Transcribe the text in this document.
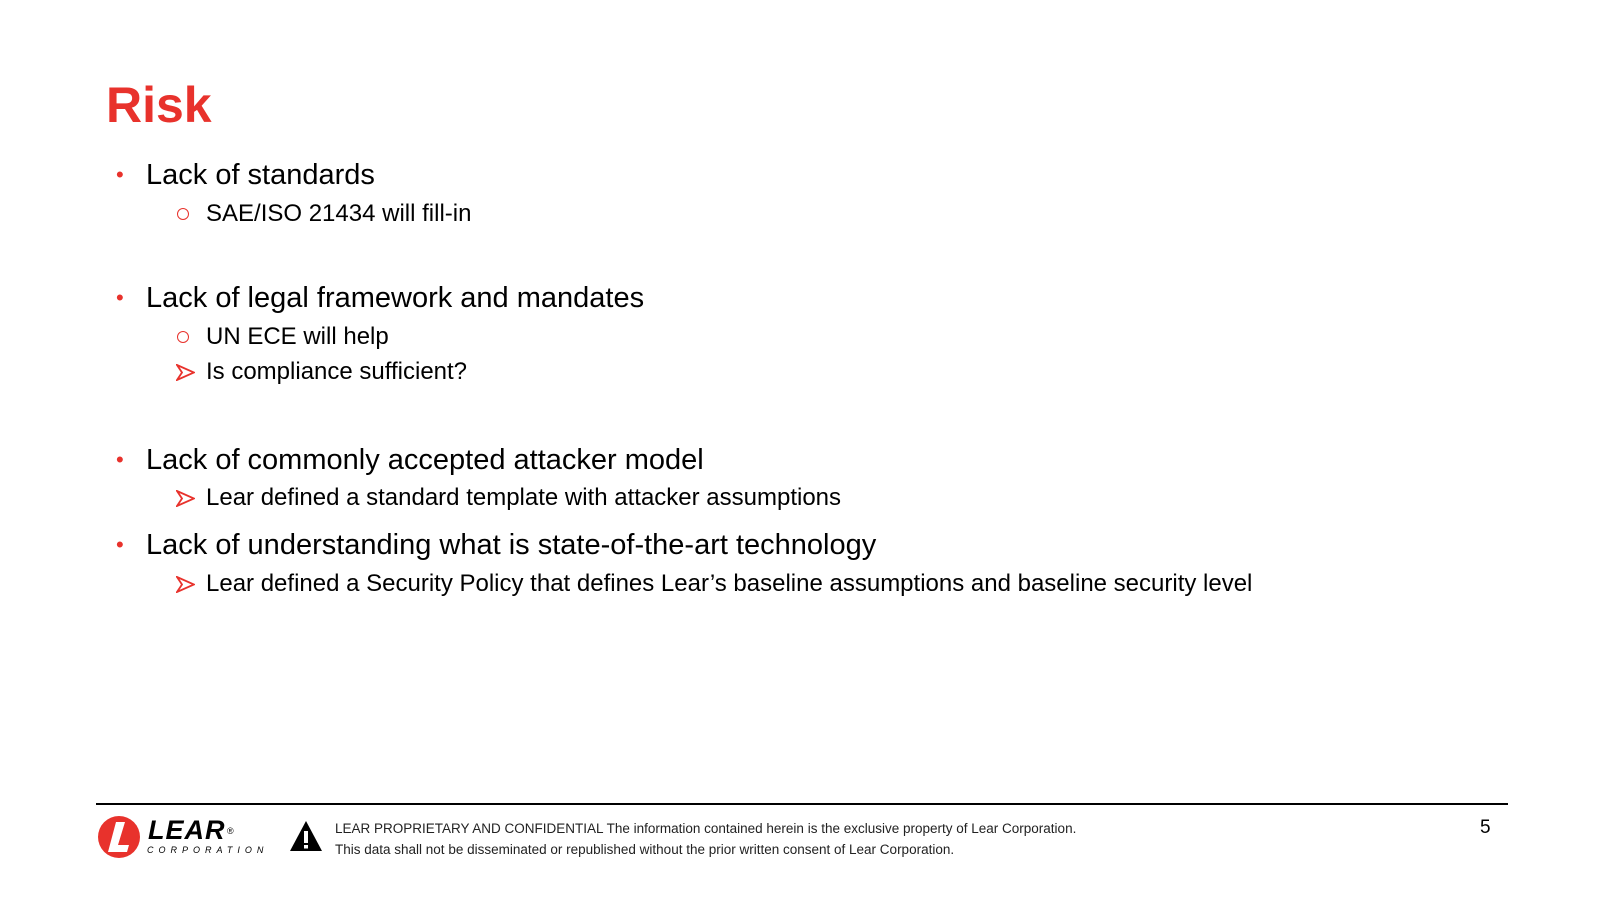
Risk
• Lack of standards
SAE/ISO 21434 will fill-in
• Lack of legal framework and mandates
UN ECE will help
Is compliance sufficient?
• Lack of commonly accepted attacker model
Lear defined a standard template with attacker assumptions
• Lack of understanding what is state-of-the-art technology
Lear defined a Security Policy that defines Lear’s baseline assumptions and baseline security level
LEAR ®
CORPORATION
LEAR PROPRIETARY AND CONFIDENTIAL The information contained herein is the exclusive property of Lear Corporation.
This data shall not be disseminated or republished without the prior written consent of Lear Corporation.
5
